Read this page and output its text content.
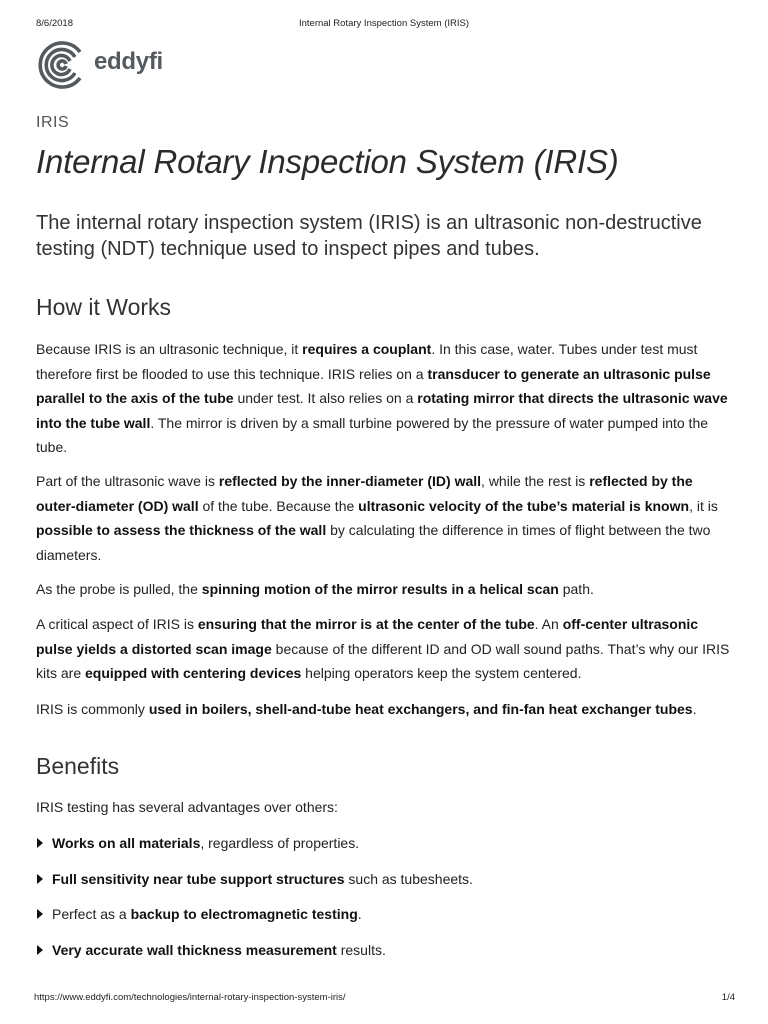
8/6/2018	Internal Rotary Inspection System (IRIS)
eddyfi
IRIS
Internal Rotary Inspection System (IRIS)

The internal rotary inspection system (IRIS) is an ultrasonic non-destructive testing (NDT) technique used to inspect pipes and tubes.

How it Works

Because IRIS is an ultrasonic technique, it requires a couplant. In this case, water. Tubes under test must therefore first be flooded to use this technique. IRIS relies on a transducer to generate an ultrasonic pulse parallel to the axis of the tube under test. It also relies on a rotating mirror that directs the ultrasonic wave into the tube wall. The mirror is driven by a small turbine powered by the pressure of water pumped into the tube.

Part of the ultrasonic wave is reflected by the inner-diameter (ID) wall, while the rest is reflected by the outer-diameter (OD) wall of the tube. Because the ultrasonic velocity of the tube’s material is known, it is possible to assess the thickness of the wall by calculating the difference in times of flight between the two diameters.

As the probe is pulled, the spinning motion of the mirror results in a helical scan path.

A critical aspect of IRIS is ensuring that the mirror is at the center of the tube. An off-center ultrasonic pulse yields a distorted scan image because of the different ID and OD wall sound paths. That’s why our IRIS kits are equipped with centering devices helping operators keep the system centered.

IRIS is commonly used in boilers, shell-and-tube heat exchangers, and fin-fan heat exchanger tubes.

Benefits

IRIS testing has several advantages over others:

Works on all materials, regardless of properties.
Full sensitivity near tube support structures such as tubesheets.
Perfect as a backup to electromagnetic testing.
Very accurate wall thickness measurement results.
https://www.eddyfi.com/technologies/internal-rotary-inspection-system-iris/	1/4
